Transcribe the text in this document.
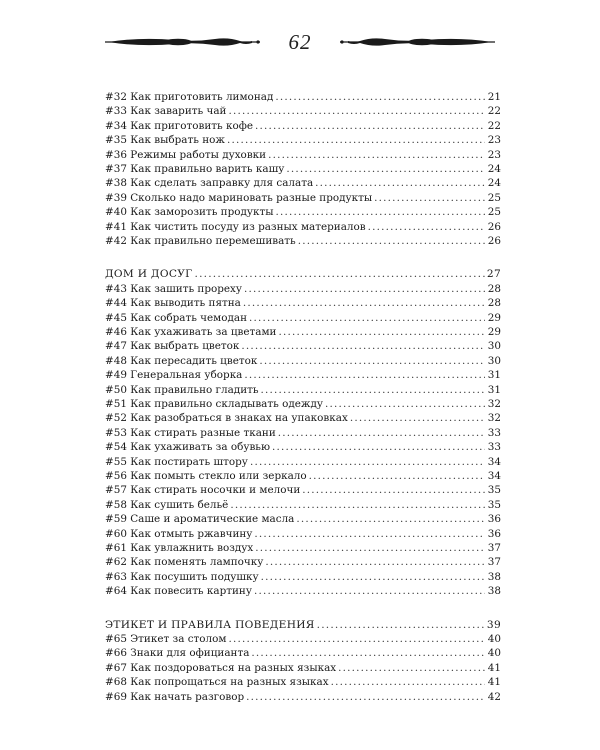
62
#32 Как приготовить лимонад .....	21
#33 Как заварить чай .....	22
#34 Как приготовить кофе .....	22
#35 Как выбрать нож .....	23
#36 Режимы работы духовки .....	23
#37 Как правильно варить кашу .....	24
#38 Как сделать заправку для салата .....	24
#39 Сколько надо мариновать разные продукты .....	25
#40 Как заморозить продукты .....	25
#41 Как чистить посуду из разных материалов .....	26
#42 Как правильно перемешивать .....	26
ДОМ И ДОСУГ .....	27
#43 Как зашить прореху .....	28
#44 Как выводить пятна .....	28
#45 Как собрать чемодан .....	29
#46 Как ухаживать за цветами .....	29
#47 Как выбрать цветок .....	30
#48 Как пересадить цветок .....	30
#49 Генеральная уборка .....	31
#50 Как правильно гладить .....	31
#51 Как правильно складывать одежду .....	32
#52 Как разобраться в знаках на упаковках .....	32
#53 Как стирать разные ткани .....	33
#54 Как ухаживать за обувью .....	33
#55 Как постирать штору .....	34
#56 Как помыть стекло или зеркало .....	34
#57 Как стирать носочки и мелочи .....	35
#58 Как сушить бельё .....	35
#59 Саше и ароматические масла .....	36
#60 Как отмыть ржавчину .....	36
#61 Как увлажнить воздух .....	37
#62 Как поменять лампочку .....	37
#63 Как посушить подушку .....	38
#64 Как повесить картину .....	38
ЭТИКЕТ И ПРАВИЛА ПОВЕДЕНИЯ .....	39
#65 Этикет за столом .....	40
#66 Знаки для официанта .....	40
#67 Как поздороваться на разных языках .....	41
#68 Как попрощаться на разных языках .....	41
#69 Как начать разговор .....	42
